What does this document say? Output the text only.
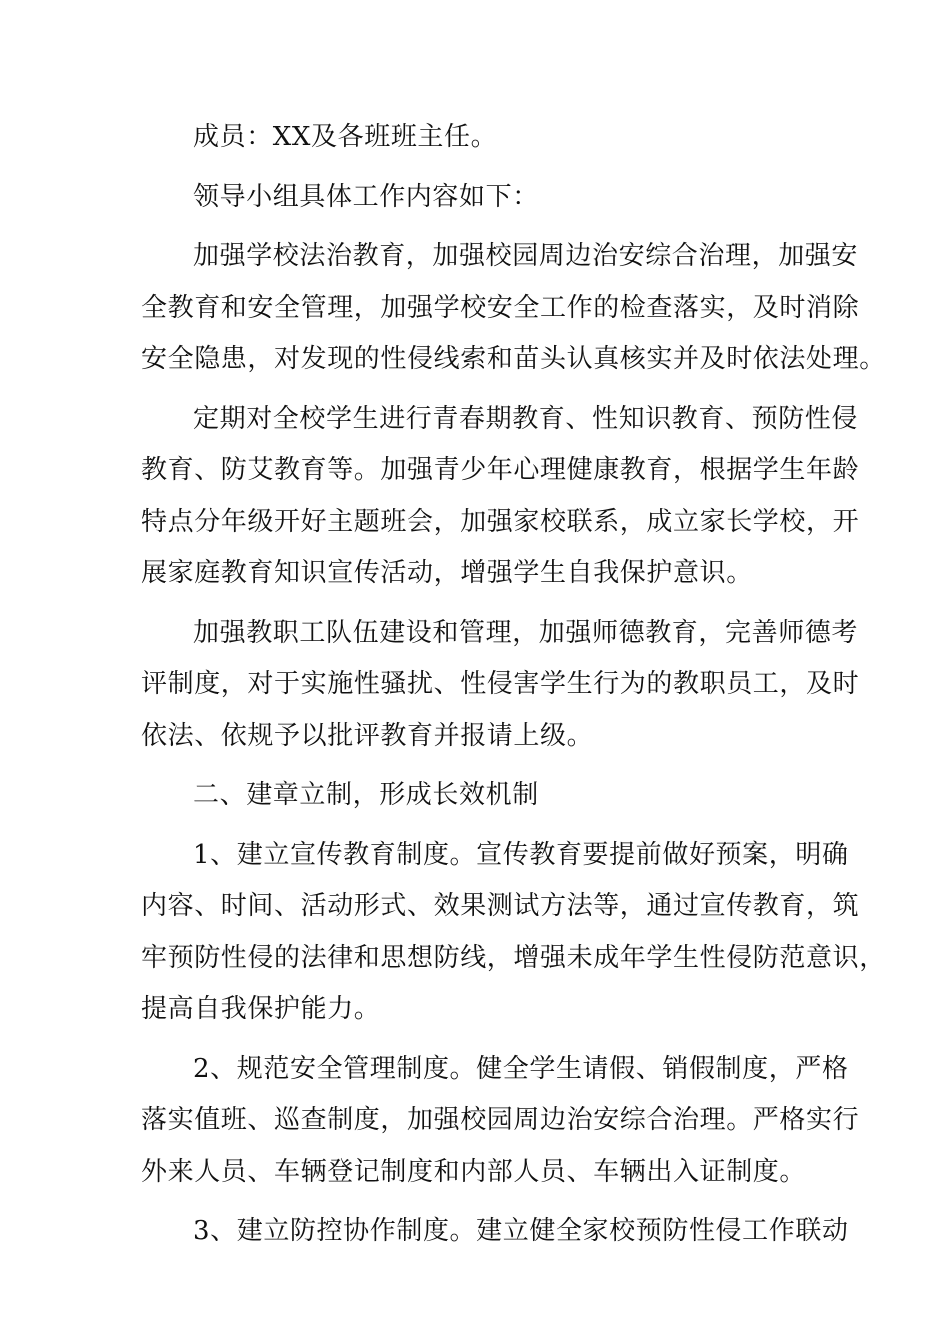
成员：XX及各班班主任。
领导小组具体工作内容如下：
加强学校法治教育，加强校园周边治安综合治理，加强安
全教育和安全管理，加强学校安全工作的检查落实，及时消除
安全隐患，对发现的性侵线索和苗头认真核实并及时依法处理。
定期对全校学生进行青春期教育、性知识教育、预防性侵
教育、防艾教育等。加强青少年心理健康教育，根据学生年龄
特点分年级开好主题班会，加强家校联系，成立家长学校，开
展家庭教育知识宣传活动，增强学生自我保护意识。
加强教职工队伍建设和管理，加强师德教育，完善师德考
评制度，对于实施性骚扰、性侵害学生行为的教职员工，及时
依法、依规予以批评教育并报请上级。
二、建章立制，形成长效机制
1、建立宣传教育制度。宣传教育要提前做好预案，明确
内容、时间、活动形式、效果测试方法等，通过宣传教育，筑
牢预防性侵的法律和思想防线，增强未成年学生性侵防范意识，
提高自我保护能力。
2、规范安全管理制度。健全学生请假、销假制度，严格
落实值班、巡查制度，加强校园周边治安综合治理。严格实行
外来人员、车辆登记制度和内部人员、车辆出入证制度。
3、建立防控协作制度。建立健全家校预防性侵工作联动
